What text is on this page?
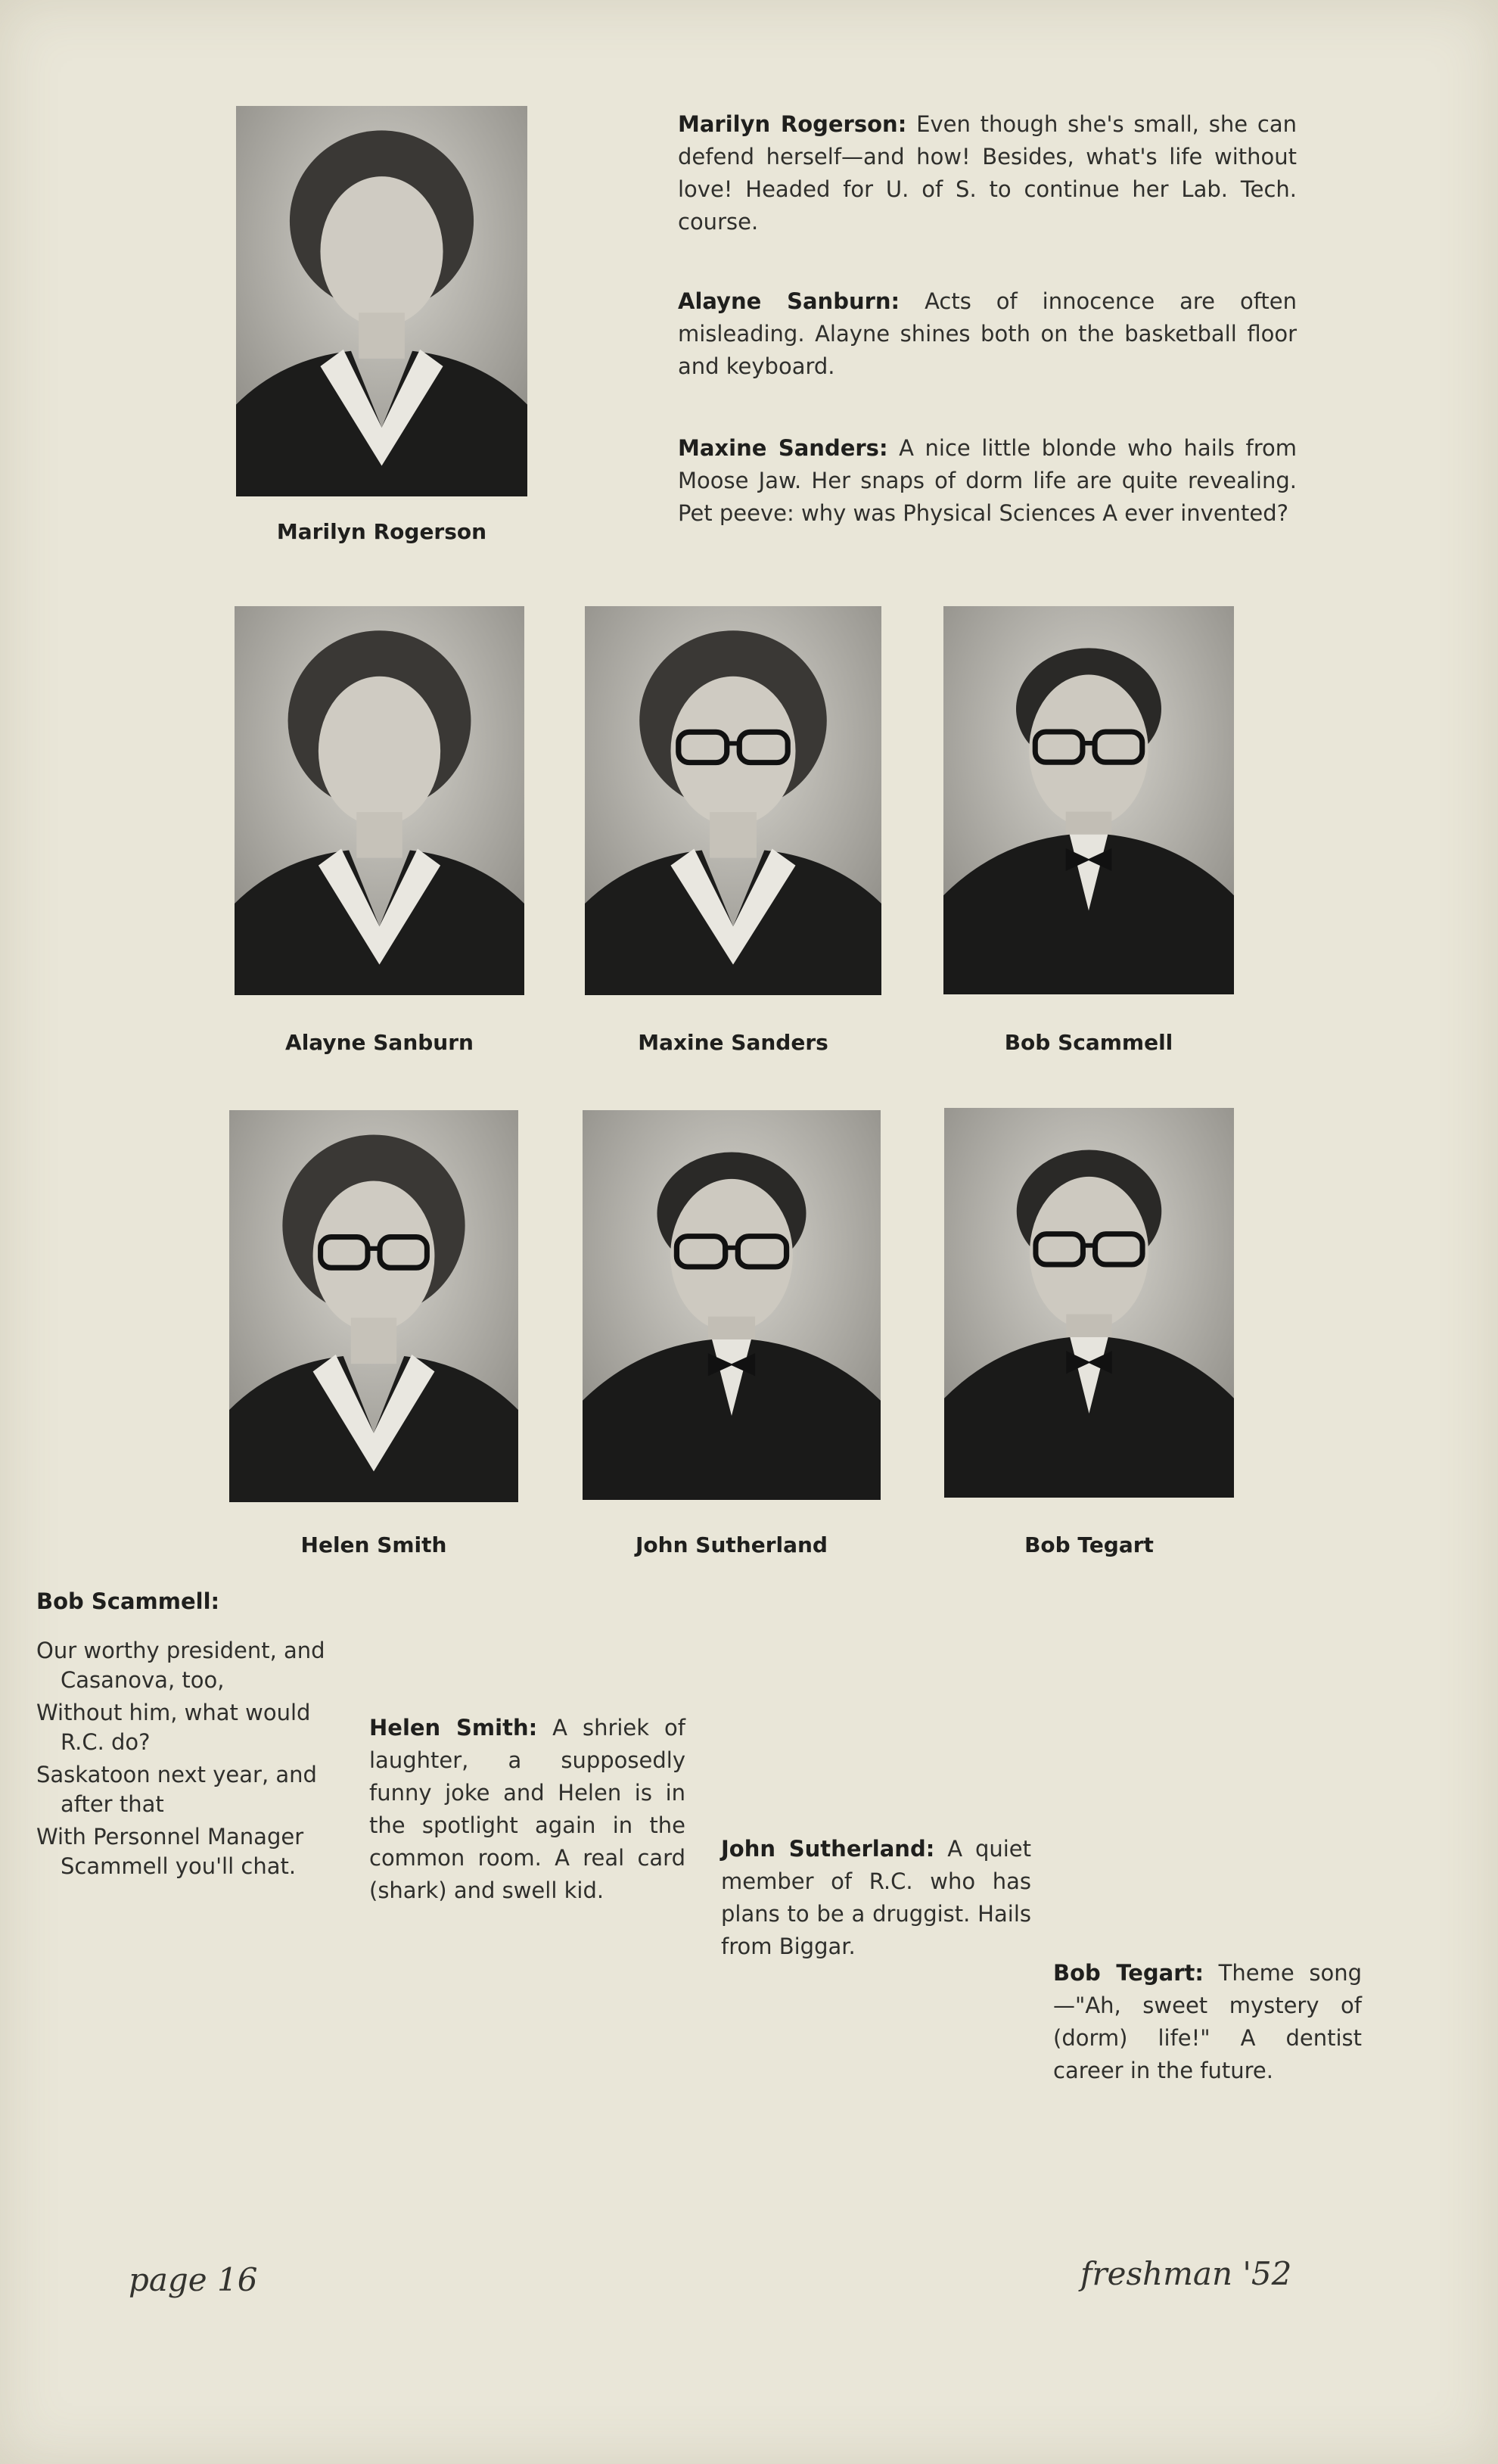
Marilyn Rogerson
Marilyn Rogerson: Even though she's small, she can defend herself—and how! Besides, what's life without love! Headed for U. of S. to continue her Lab. Tech. course.
Alayne Sanburn: Acts of innocence are often misleading. Alayne shines both on the basketball floor and keyboard.
Maxine Sanders: A nice little blonde who hails from Moose Jaw. Her snaps of dorm life are quite revealing. Pet peeve: why was Physical Sciences A ever invented?
Alayne Sanburn	Maxine Sanders	Bob Scammell
Helen Smith	John Sutherland	Bob Tegart
Bob Scammell:
Our worthy president, and Casanova, too,
Without him, what would R.C. do?
Saskatoon next year, and after that
With Personnel Manager Scammell you'll chat.
Helen Smith: A shriek of laughter, a supposedly funny joke and Helen is in the spotlight again in the common room. A real card (shark) and swell kid.
John Sutherland: A quiet member of R.C. who has plans to be a druggist. Hails from Biggar.
Bob Tegart: Theme song—"Ah, sweet mystery of (dorm) life!" A dentist career in the future.
page 16	freshman '52
